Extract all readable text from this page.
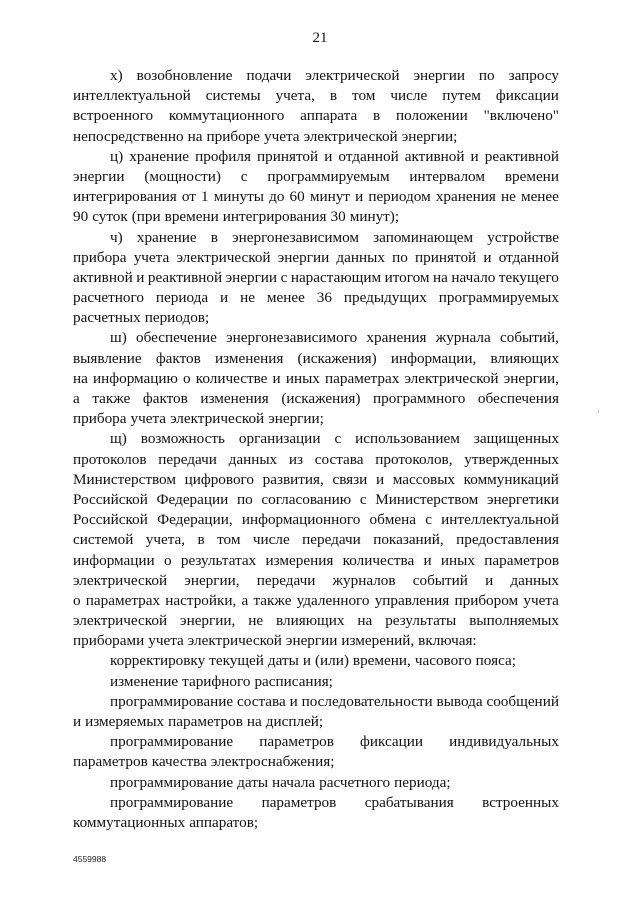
21
х) возобновление подачи электрической энергии по запросу
интеллектуальной системы учета, в том числе путем фиксации
встроенного коммутационного аппарата в положении "включено"
непосредственно на приборе учета электрической энергии;
ц) хранение профиля принятой и отданной активной и реактивной
энергии (мощности) с программируемым интервалом времени
интегрирования от 1 минуты до 60 минут и периодом хранения не менее
90 суток (при времени интегрирования 30 минут);
ч) хранение в энергонезависимом запоминающем устройстве
прибора учета электрической энергии данных по принятой и отданной
активной и реактивной энергии с нарастающим итогом на начало текущего
расчетного периода и не менее 36 предыдущих программируемых
расчетных периодов;
ш) обеспечение энергонезависимого хранения журнала событий,
выявление фактов изменения (искажения) информации, влияющих
на информацию о количестве и иных параметрах электрической энергии,
а также фактов изменения (искажения) программного обеспечения
прибора учета электрической энергии;
щ) возможность организации с использованием защищенных
протоколов передачи данных из состава протоколов, утвержденных
Министерством цифрового развития, связи и массовых коммуникаций
Российской Федерации по согласованию с Министерством энергетики
Российской Федерации, информационного обмена с интеллектуальной
системой учета, в том числе передачи показаний, предоставления
информации о результатах измерения количества и иных параметров
электрической энергии, передачи журналов событий и данных
о параметрах настройки, а также удаленного управления прибором учета
электрической энергии, не влияющих на результаты выполняемых
приборами учета электрической энергии измерений, включая:
корректировку текущей даты и (или) времени, часового пояса;
изменение тарифного расписания;
программирование состава и последовательности вывода сообщений
и измеряемых параметров на дисплей;
программирование параметров фиксации индивидуальных
параметров качества электроснабжения;
программирование даты начала расчетного периода;
программирование параметров срабатывания встроенных
коммутационных аппаратов;
4559988
